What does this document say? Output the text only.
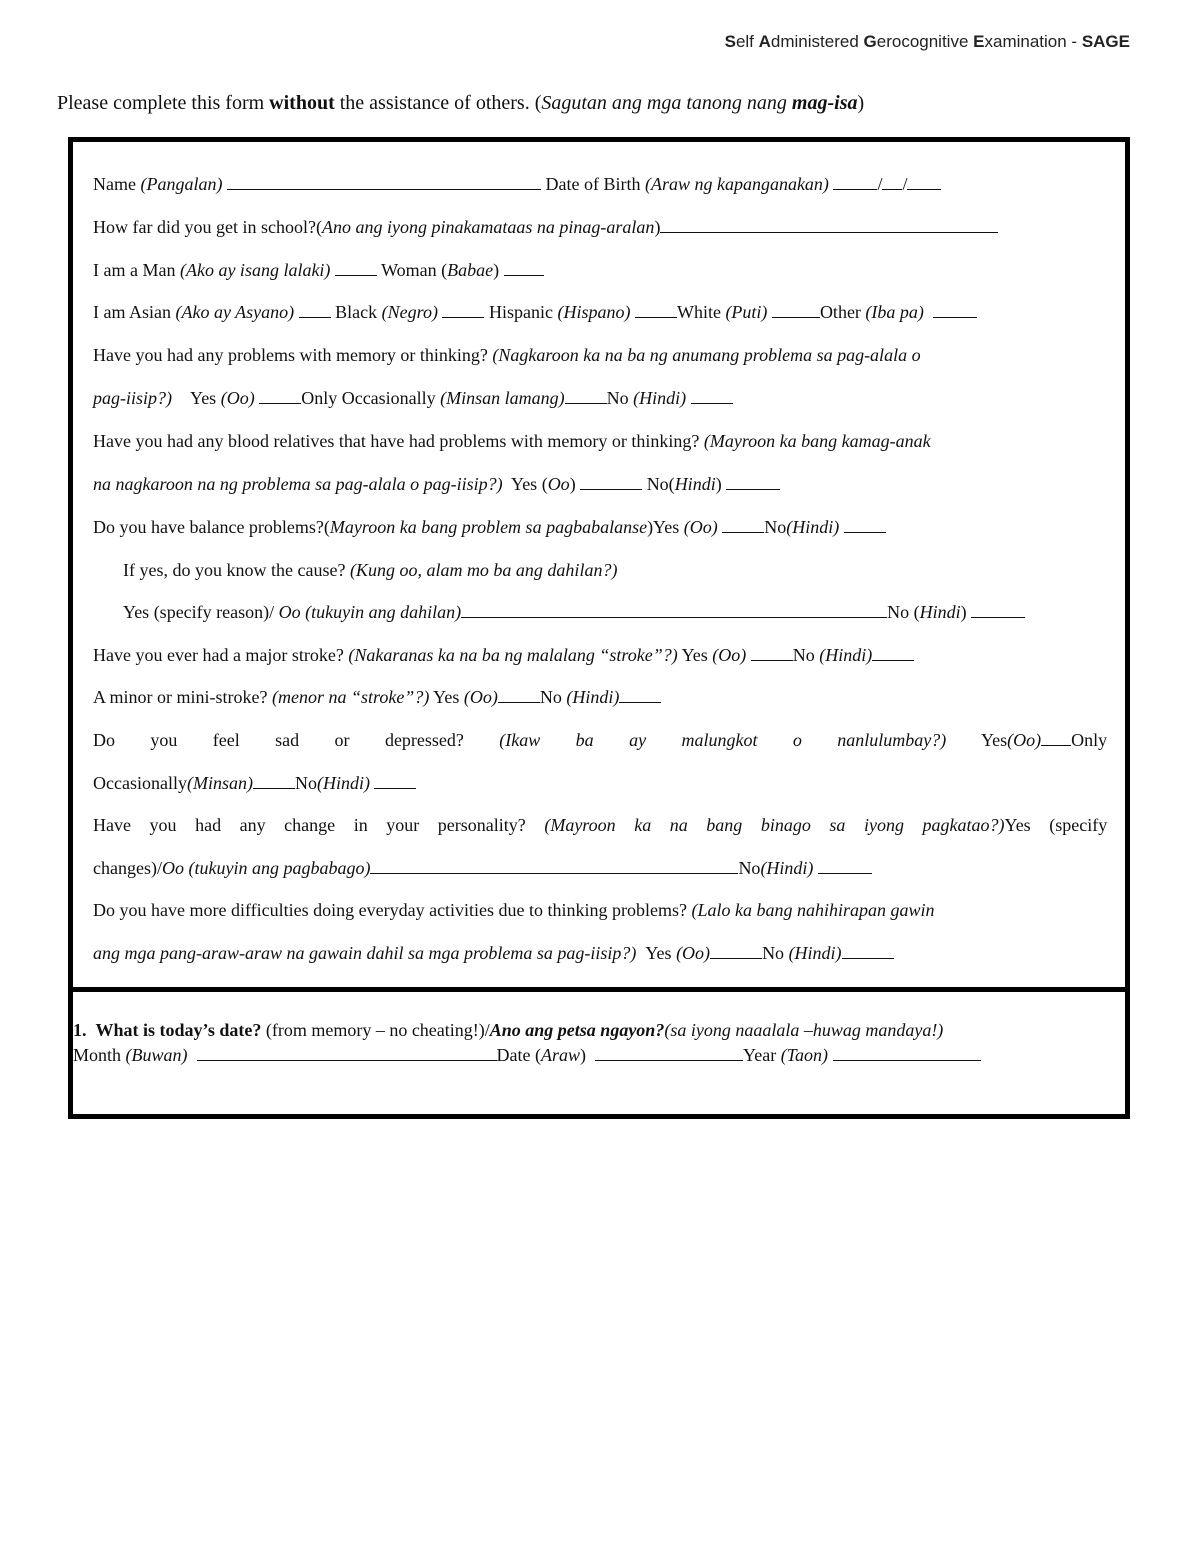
Self Administered Gerocognitive Examination - SAGE
Please complete this form without the assistance of others. (Sagutan ang mga tanong nang mag-isa)
Name (Pangalan)	Date of Birth (Araw ng kapanganakan)	/ /
How far did you get in school?(Ano ang iyong pinakamataas na pinag-aralan)
I am a Man (Ako ay isang lalaki)	Woman (Babae)
I am Asian (Ako ay Asyano) Black (Negro)	Hispanic (Hispano)	White (Puti)	Other (Iba pa)
Have you had any problems with memory or thinking? (Nagkaroon ka na ba ng anumang problema sa pag-alala o
pag-iisip?) Yes (Oo)	Only Occasionally (Minsan lamang) No (Hindi)
Have you had any blood relatives that have had problems with memory or thinking? (Mayroon ka bang kamag-anak
na nagkaroon na ng problema sa pag-alala o pag-iisip?) Yes (Oo)	No(Hindi)
Do you have balance problems?(Mayroon ka bang problem sa pagbabalanse)Yes (Oo)	No(Hindi)
If yes, do you know the cause? (Kung oo, alam mo ba ang dahilan?)
Yes (specify reason)/ Oo (tukuyin ang dahilan)	No (Hindi)
Have you ever had a major stroke? (Nakaranas ka na ba ng malalang “stroke”?) Yes (Oo)	No (Hindi)
A minor or mini-stroke? (menor na “stroke”?) Yes (Oo) No (Hindi)
Do you feel sad or depressed? (Ikaw ba ay malungkot o nanlulumbay?) Yes(Oo) Only
Occasionally(Minsan) No(Hindi)
Have you had any change in your personality? (Mayroon ka na bang binago sa iyong pagkatao?)Yes (specify
changes)/Oo (tukuyin ang pagbabago)	No(Hindi)
Do you have more difficulties doing everyday activities due to thinking problems? (Lalo ka bang nahihirapan gawin
ang mga pang-araw-araw na gawain dahil sa mga problema sa pag-iisip?) Yes (Oo)	No (Hindi)
1. What is today’s date? (from memory – no cheating!)/Ano ang petsa ngayon?(sa iyong naaalala –huwag mandaya!)
Month (Buwan)	Date (Araw)	Year (Taon)
